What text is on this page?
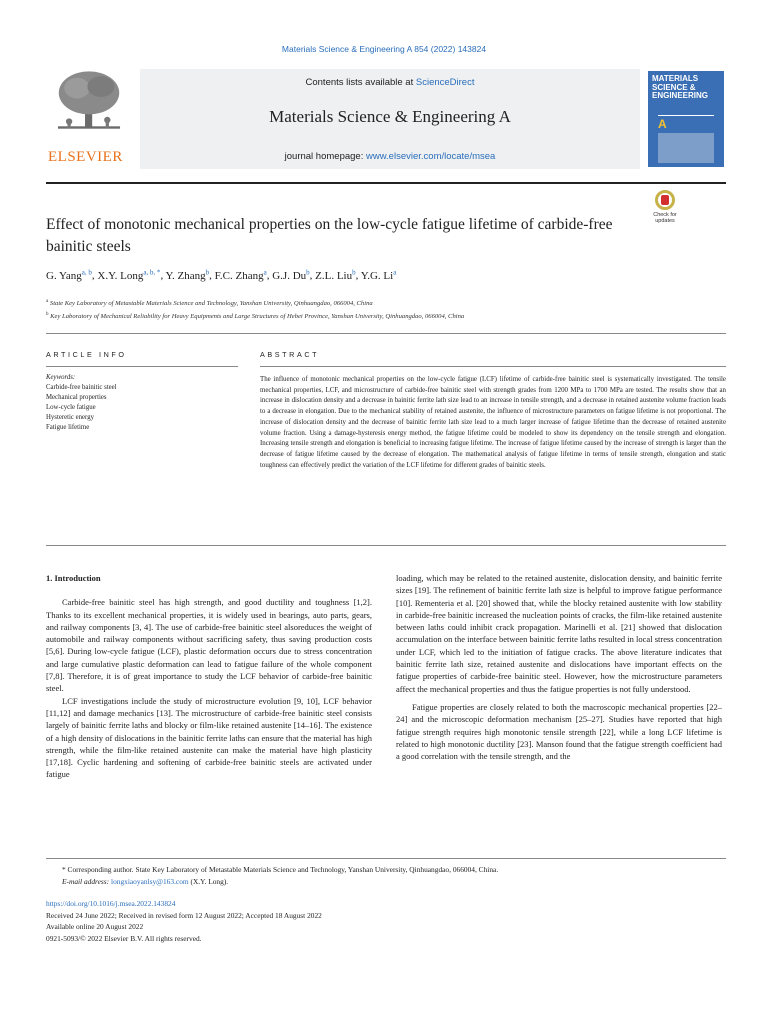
Materials Science & Engineering A 854 (2022) 143824
ELSEVIER
Contents lists available at ScienceDirect
Materials Science & Engineering A
journal homepage: www.elsevier.com/locate/msea
MATERIALS SCIENCE & ENGINEERING
A
Effect of monotonic mechanical properties on the low-cycle fatigue lifetime of carbide-free bainitic steels
Check for updates
G. Yang$^{a, b}$, X.Y. Long$^{a, b, *}$, Y. Zhang$^b$, F.C. Zhang$^a$, G.J. Du$^b$, Z.L. Liu$^b$, Y.G. Li$^a$
$^a$ State Key Laboratory of Metastable Materials Science and Technology, Yanshan University, Qinhuangdao, 066004, China
$^b$ Key Laboratory of Mechanical Reliability for Heavy Equipments and Large Structures of Hebei Province, Yanshan University, Qinhuangdao, 066004, China
ARTICLE INFO	ABSTRACT
Keywords:
Carbide-free bainitic steel
Mechanical properties
Low-cycle fatigue
Hysteretic energy
Fatigue lifetime
The influence of monotonic mechanical properties on the low-cycle fatigue (LCF) lifetime of carbide-free bainitic steel is systematically investigated. The tensile mechanical properties, LCF, and microstructure of carbide-free bainitic steel with strength grades from 1200 MPa to 1700 MPa are tested. The results show that an increase in dislocation density and a decrease in bainitic ferrite lath size lead to an increase in tensile strength, and a decrease in retained austenite volume fraction leads to a decrease in elongation. Due to the mechanical stability of retained austenite, the influence of microstructure parameters on fatigue lifetime is not proportional. The increase of dislocation density and the decrease of bainitic ferrite lath size lead to a much larger increase of fatigue lifetime than the decrease of retained austenite volume fraction. Using a damage-hysteresis energy method, the fatigue lifetime could be modeled to show its dependency on the tensile strength and elongation. Increasing tensile strength and elongation is beneficial to increasing fatigue lifetime. The increase of fatigue lifetime caused by the increase of strength is larger than the decrease of fatigue lifetime caused by the decrease of elongation. The mathematical analysis of fatigue lifetime in terms of tensile strength, elongation and static toughness can effectively predict the variation of the LCF lifetime for different grades of bainitic steels.
1. Introduction

Carbide-free bainitic steel has high strength, and good ductility and toughness [1,2]. Thanks to its excellent mechanical properties, it is widely used in bearings, auto parts, gears, and railway components [3, 4]. The use of carbide-free bainitic steel alsoreduces the weight of automobile and railway components without sacrificing safety, thus saving production costs [5,6]. During low-cycle fatigue (LCF), plastic deformation occurs due to stress concentration and large cumulative plastic deformation can lead to fatigue failure of the whole component [7,8]. Therefore, it is of great importance to study the LCF behavior of carbide-free bainitic steel.

LCF investigations include the study of microstructure evolution [9, 10], LCF behavior [11,12] and damage mechanics [13]. The microstructure of carbide-free bainitic steel consists largely of bainitic ferrite laths and blocky or film-like retained austenite [14–16]. The existence of a high density of dislocations in the bainitic ferrite laths can ensure that the material has high strength, while the film-like retained austenite can make the material have high plasticity [17,18]. Cyclic hardening and softening of carbide-free bainitic steels are activated under fatigue

loading, which may be related to the retained austenite, dislocation density, and bainitic ferrite sizes [19]. The refinement of bainitic ferrite lath size is helpful to improve fatigue performance [10]. Rementeria et al. [20] showed that, while the blocky retained austenite with low stability in carbide-free bainitic increased the nucleation points of cracks, the film-like retained austenite between laths could inhibit crack propagation. Marinelli et al. [21] showed that dislocation accumulation on the interface between bainitic ferrite laths resulted in local stress concentration under LCF, which led to the initiation of fatigue cracks. The above literature indicates that bainitic ferrite lath size, retained austenite and dislocations have important effects on the fatigue properties of carbide-free bainitic steel. However, how the microstructure parameters affect the mechanical properties and thus the fatigue properties is not fully understood.

Fatigue properties are closely related to both the macroscopic mechanical properties [22–24] and the microscopic deformation mechanism [25–27]. Studies have reported that high fatigue strength requires high monotonic tensile strength [22], while a long LCF lifetime is related to high monotonic ductility [23]. Manson found that the fatigue strength coefficient had a good correlation with the tensile strength, and the

* Corresponding author. State Key Laboratory of Metastable Materials Science and Technology, Yanshan University, Qinhuangdao, 066004, China.
E-mail address: longxiaoyanlsy@163.com (X.Y. Long).
https://doi.org/10.1016/j.msea.2022.143824
Received 24 June 2022; Received in revised form 12 August 2022; Accepted 18 August 2022
Available online 20 August 2022
0921-5093/© 2022 Elsevier B.V. All rights reserved.
